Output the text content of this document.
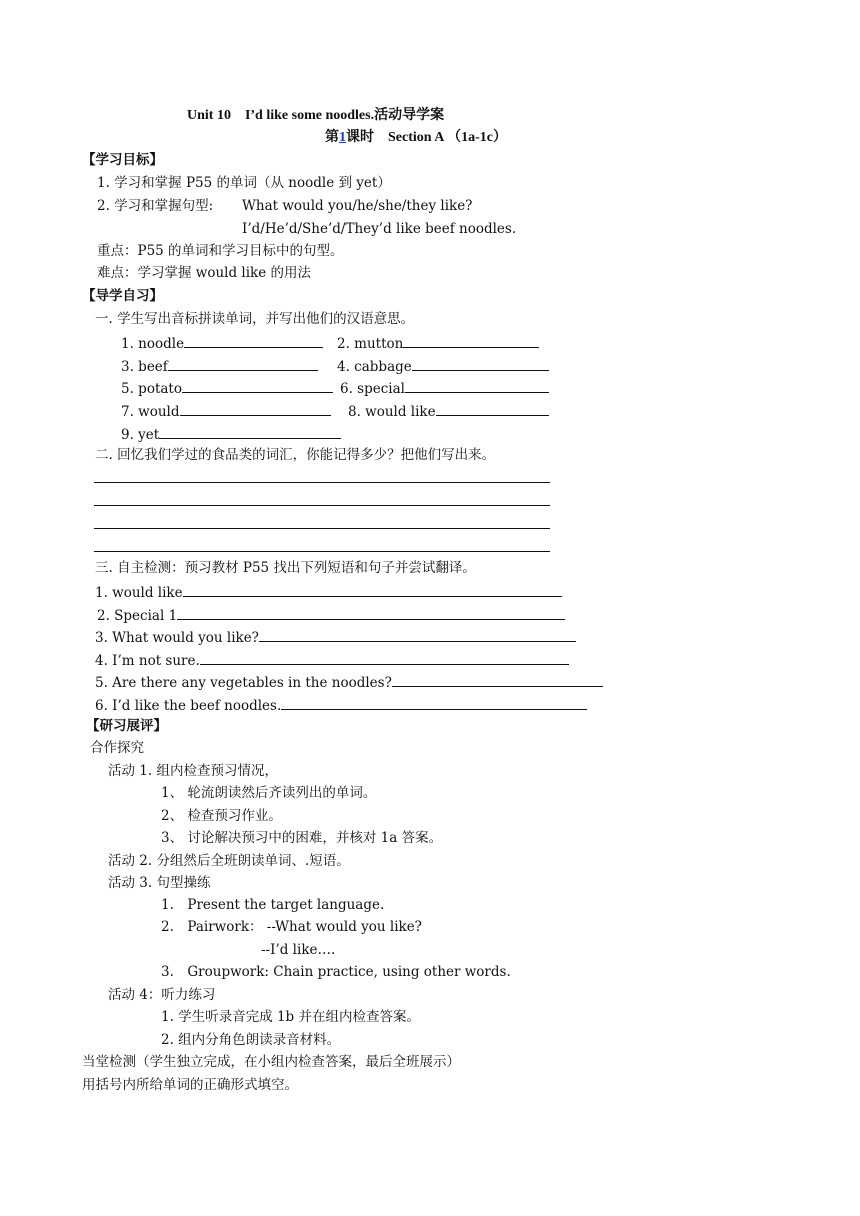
Unit 10　I’d like some noodles.活动导学案
第1课时　Section A （1a-1c）
【学习目标】
1. 学习和掌握 P55 的单词（从 noodle 到 yet）
2. 学习和掌握句型: What would you/he/she/they like?
I’d/He’d/She’d/They’d like beef noodles.
重点：P55 的单词和学习目标中的句型。
难点：学习掌握 would like 的用法
【导学自习】
一. 学生写出音标拼读单词，并写出他们的汉语意思。
1. noodle	2. mutton
3. beef	4. cabbage
5. potato	6. special
7. would	8. would like
9. yet
二. 回忆我们学过的食品类的词汇，你能记得多少？把他们写出来。
三. 自主检测：预习教材 P55 找出下列短语和句子并尝试翻译。
1. would like
2. Special 1
3. What would you like?
4. I’m not sure.
5. Are there any vegetables in the noodles?
6. I’d like the beef noodles.
【研习展评】
合作探究
活动 1. 组内检查预习情况，
1、 轮流朗读然后齐读列出的单词。
2、 检查预习作业。
3、 讨论解决预习中的困难，并核对 1a 答案。
活动 2. 分组然后全班朗读单词、.短语。
活动 3. 句型操练
1.　Present the target language.
2.　Pairwork： --What would you like?
--I’d like….
3.　Groupwork: Chain practice, using other words.
活动 4：听力练习
1. 学生听录音完成 1b 并在组内检查答案。
2. 组内分角色朗读录音材料。
当堂检测（学生独立完成，在小组内检查答案，最后全班展示）
用括号内所给单词的正确形式填空。
